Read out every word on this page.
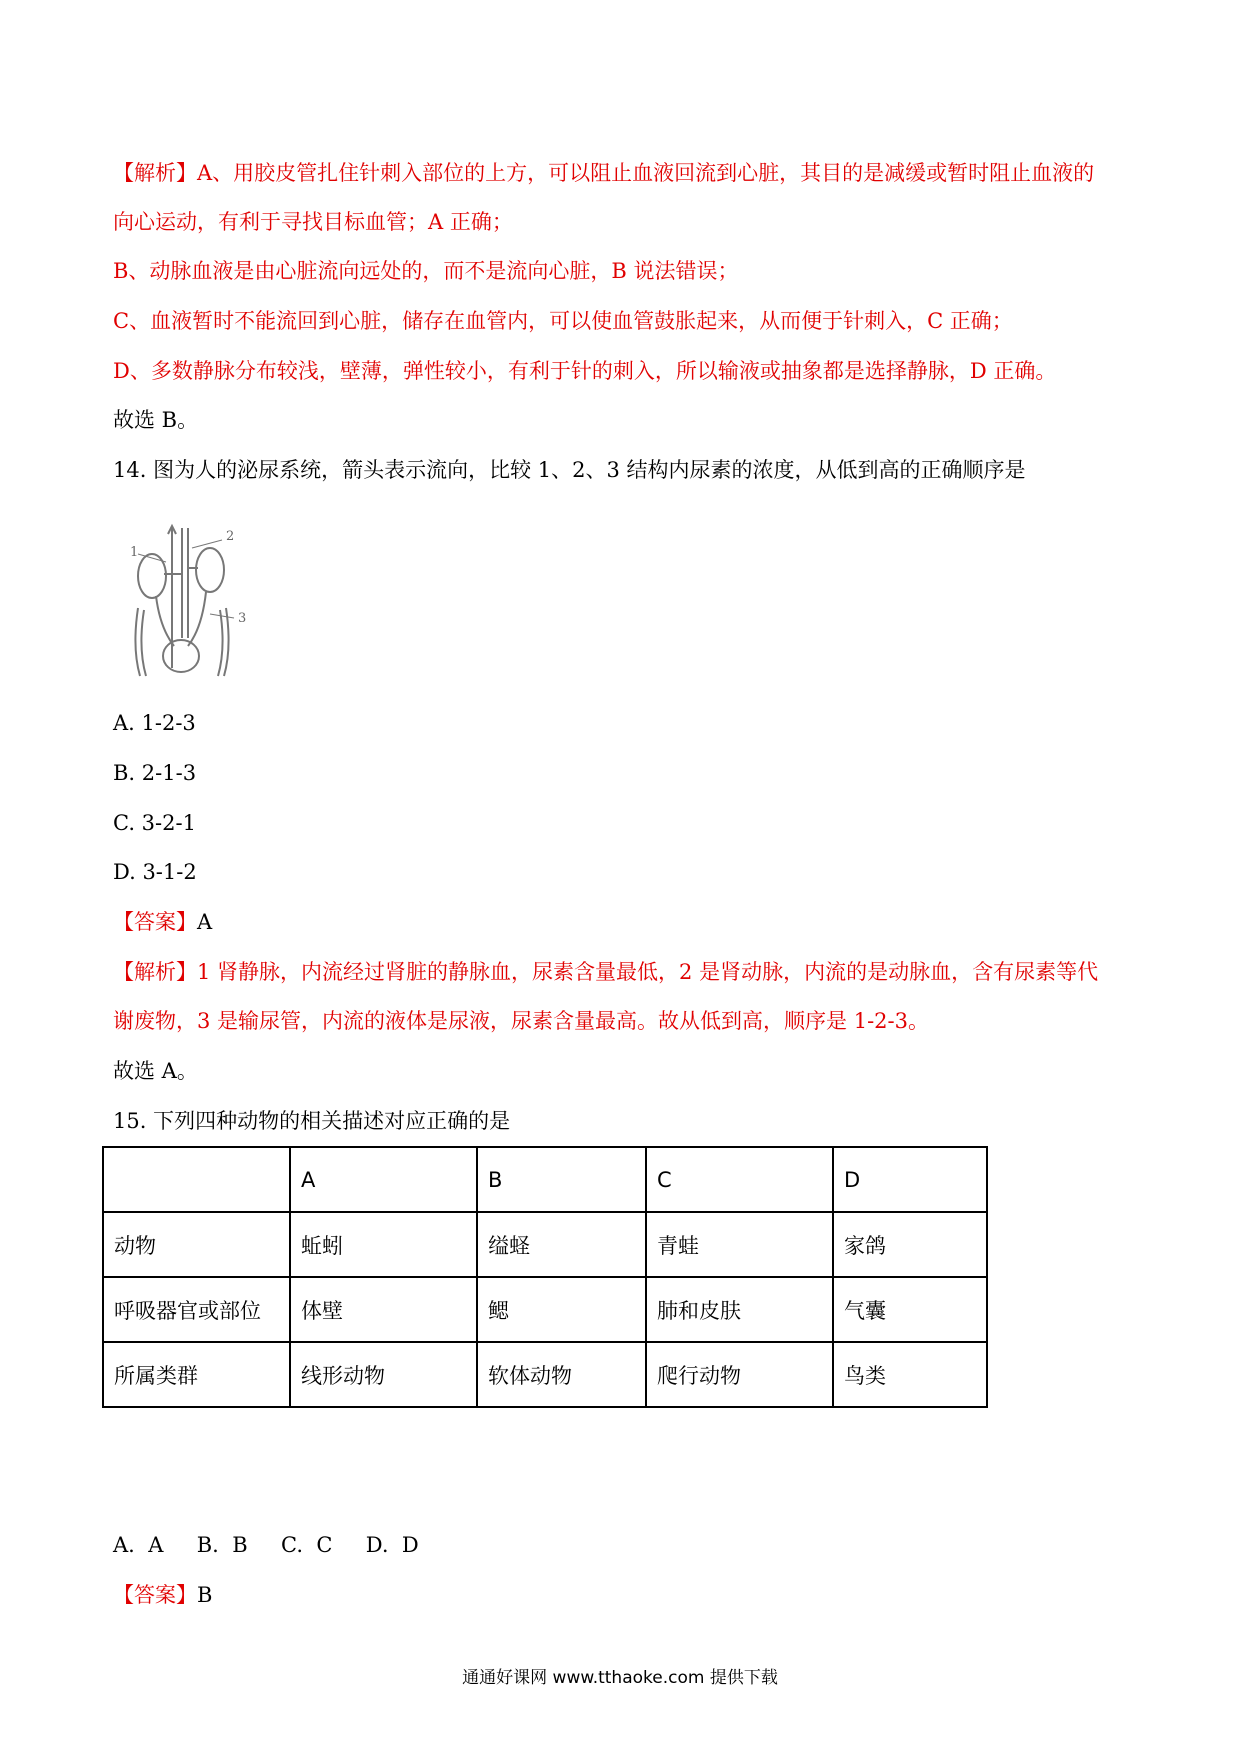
【解析】A、用胶皮管扎住针刺入部位的上方，可以阻止血液回流到心脏，其目的是减缓或暂时阻止血液的
向心运动，有利于寻找目标血管；A 正确；
B、动脉血液是由心脏流向远处的，而不是流向心脏，B 说法错误；
C、血液暂时不能流回到心脏，储存在血管内，可以使血管鼓胀起来，从而便于针刺入，C 正确；
D、多数静脉分布较浅，壁薄，弹性较小，有利于针的刺入，所以输液或抽象都是选择静脉，D 正确。
故选 B。
14. 图为人的泌尿系统，箭头表示流向，比较 1、2、3 结构内尿素的浓度，从低到高的正确顺序是
1
2
3
A. 1-2-3
B. 2-1-3
C. 3-2-1
D. 3-1-2
【答案】A
【解析】1 肾静脉，内流经过肾脏的静脉血，尿素含量最低，2 是肾动脉，内流的是动脉血，含有尿素等代
谢废物，3 是输尿管，内流的液体是尿液，尿素含量最高。故从低到高，顺序是 1-2-3。
故选 A。
15. 下列四种动物的相关描述对应正确的是
	A	B	C	D
动物	蚯蚓	缢蛏	青蛙	家鸽
呼吸器官或部位	体壁	鳃	肺和皮肤	气囊
所属类群	线形动物	软体动物	爬行动物	鸟类
A.  A     B.  B     C.  C     D.  D
【答案】B
通通好课网 www.tthaoke.com 提供下载
